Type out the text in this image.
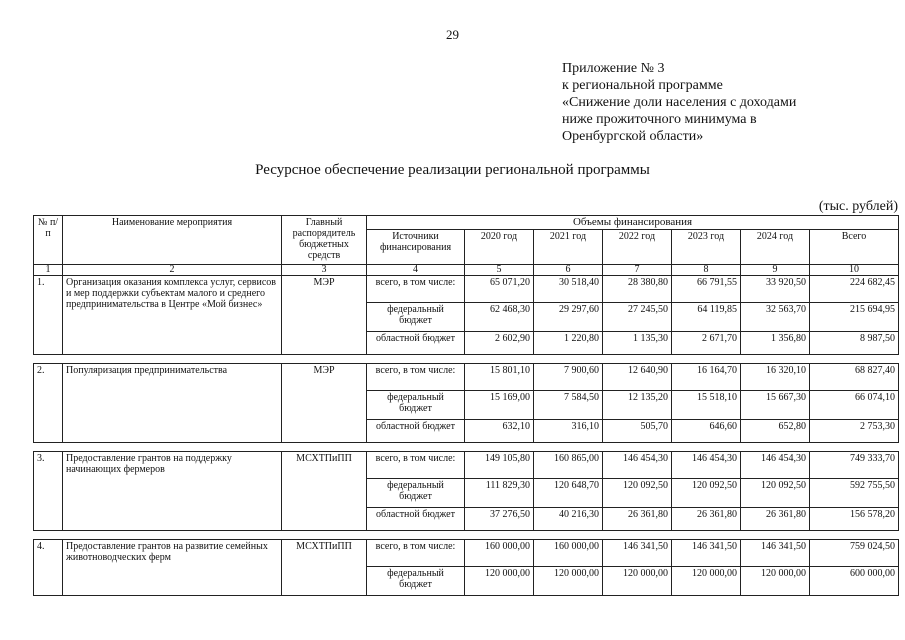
29
Приложение № 3
к региональной программе
«Снижение доли населения с доходами
ниже прожиточного минимума в
Оренбургской области»
Ресурсное обеспечение реализации региональной программы
(тыс. рублей)
№ п/п	Наименование мероприятия	Главный распорядитель бюджетных средств	Объемы финансирования						
			Источники финансирования	2020 год	2021 год	2022 год	2023 год	2024 год	Всего
1	2	3	4	5	6	7	8	9	10
1.	Организация оказания комплекса услуг, сервисов и мер поддержки субъектам малого и среднего предпринимательства в Центре «Мой бизнес»	МЭР	всего, в том числе:	65 071,20	30 518,40	28 380,80	66 791,55	33 920,50	224 682,45
			федеральный бюджет	62 468,30	29 297,60	27 245,50	64 119,85	32 563,70	215 694,95
			областной бюджет	2 602,90	1 220,80	1 135,30	2 671,70	1 356,80	8 987,50

2.	Популяризация предпринимательства	МЭР	всего, в том числе:	15 801,10	7 900,60	12 640,90	16 164,70	16 320,10	68 827,40
			федеральный бюджет	15 169,00	7 584,50	12 135,20	15 518,10	15 667,30	66 074,10
			областной бюджет	632,10	316,10	505,70	646,60	652,80	2 753,30

3.	Предоставление грантов на поддержку начинающих фермеров	МСХТПиПП	всего, в том числе:	149 105,80	160 865,00	146 454,30	146 454,30	146 454,30	749 333,70
			федеральный бюджет	111 829,30	120 648,70	120 092,50	120 092,50	120 092,50	592 755,50
			областной бюджет	37 276,50	40 216,30	26 361,80	26 361,80	26 361,80	156 578,20

4.	Предоставление грантов на развитие семейных животноводческих ферм	МСХТПиПП	всего, в том числе:	160 000,00	160 000,00	146 341,50	146 341,50	146 341,50	759 024,50
			федеральный бюджет	120 000,00	120 000,00	120 000,00	120 000,00	120 000,00	600 000,00
